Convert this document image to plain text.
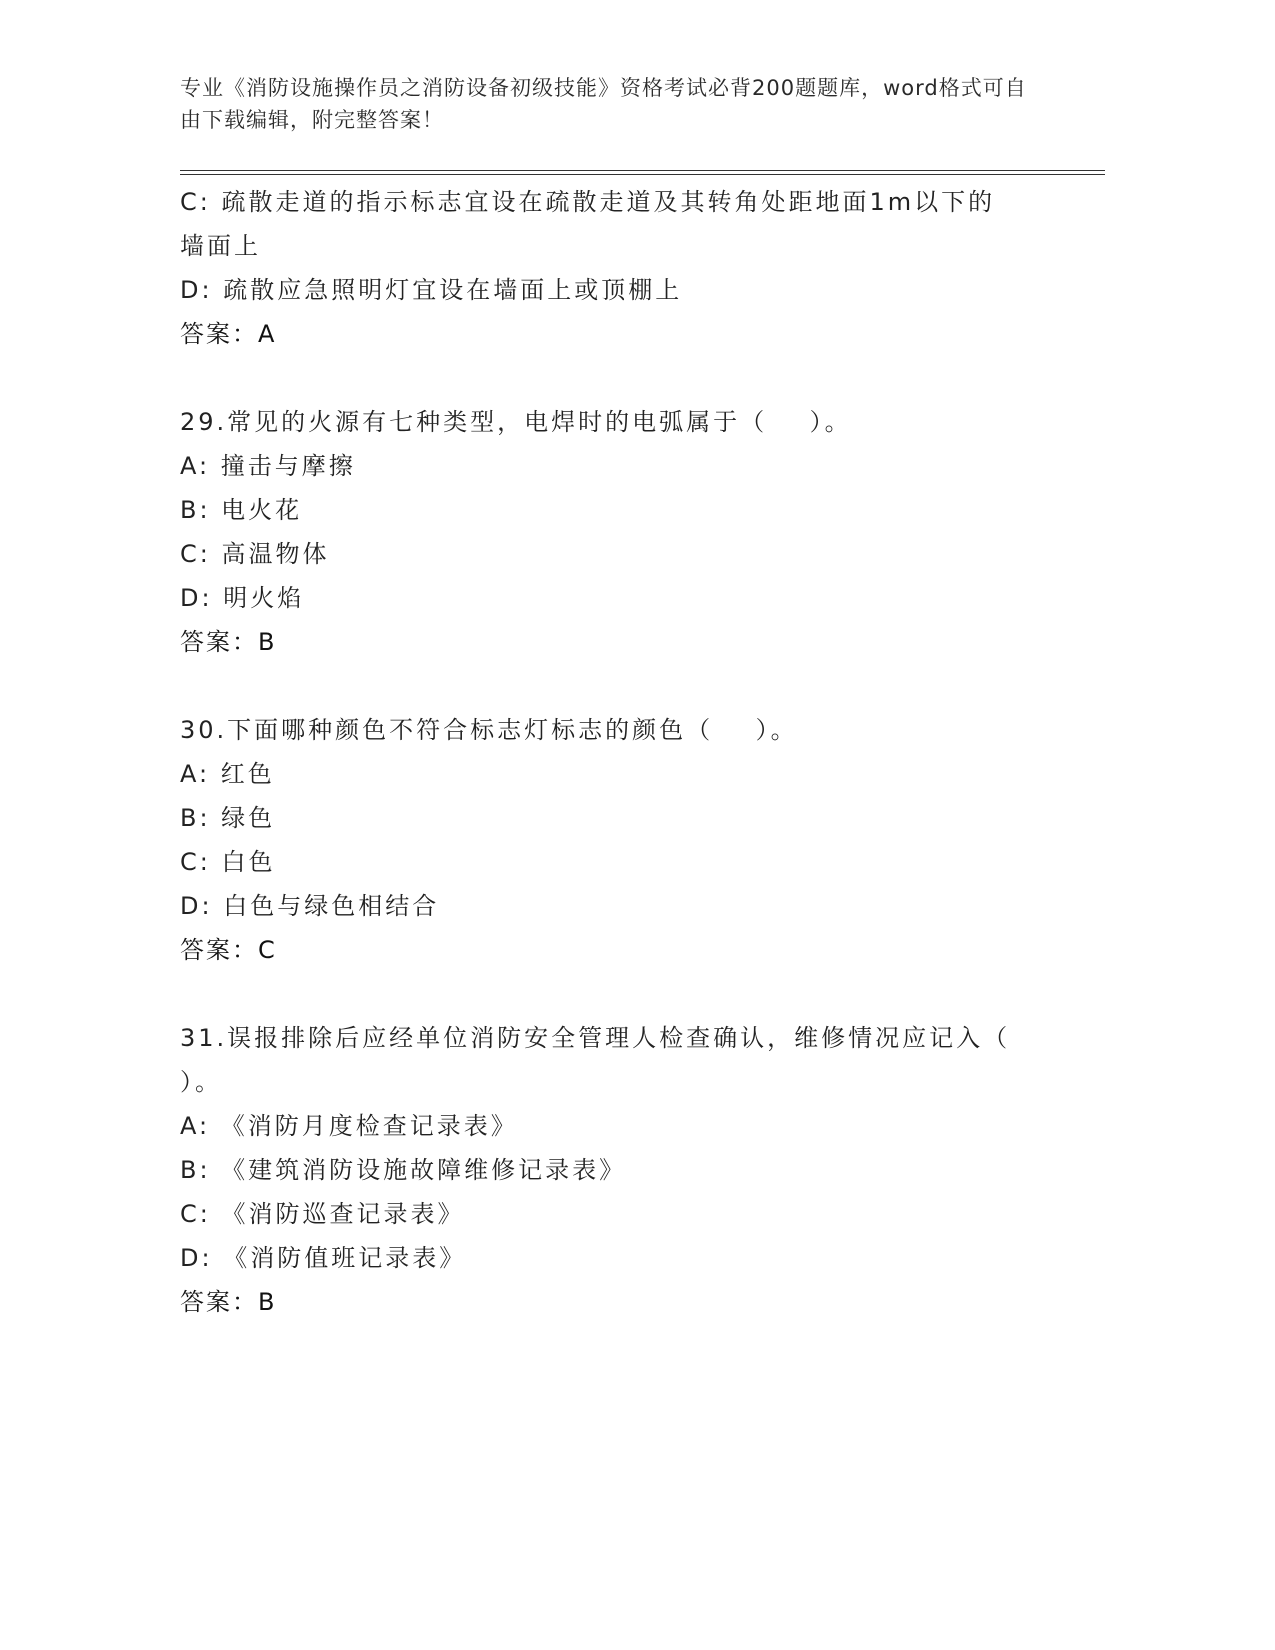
专业《消防设施操作员之消防设备初级技能》资格考试必背200题题库，word格式可自由下载编辑，附完整答案！
C: 疏散走道的指示标志宜设在疏散走道及其转角处距地面1m以下的
墙面上
D: 疏散应急照明灯宜设在墙面上或顶棚上
答案：A
29.常见的火源有七种类型，电焊时的电弧属于（    ）。
A: 撞击与摩擦
B: 电火花
C: 高温物体
D: 明火焰
答案：B
30.下面哪种颜色不符合标志灯标志的颜色（    ）。
A: 红色
B: 绿色
C: 白色
D: 白色与绿色相结合
答案：C
31.误报排除后应经单位消防安全管理人检查确认，维修情况应记入（
）。
A: 《消防月度检查记录表》
B: 《建筑消防设施故障维修记录表》
C: 《消防巡查记录表》
D: 《消防值班记录表》
答案：B
